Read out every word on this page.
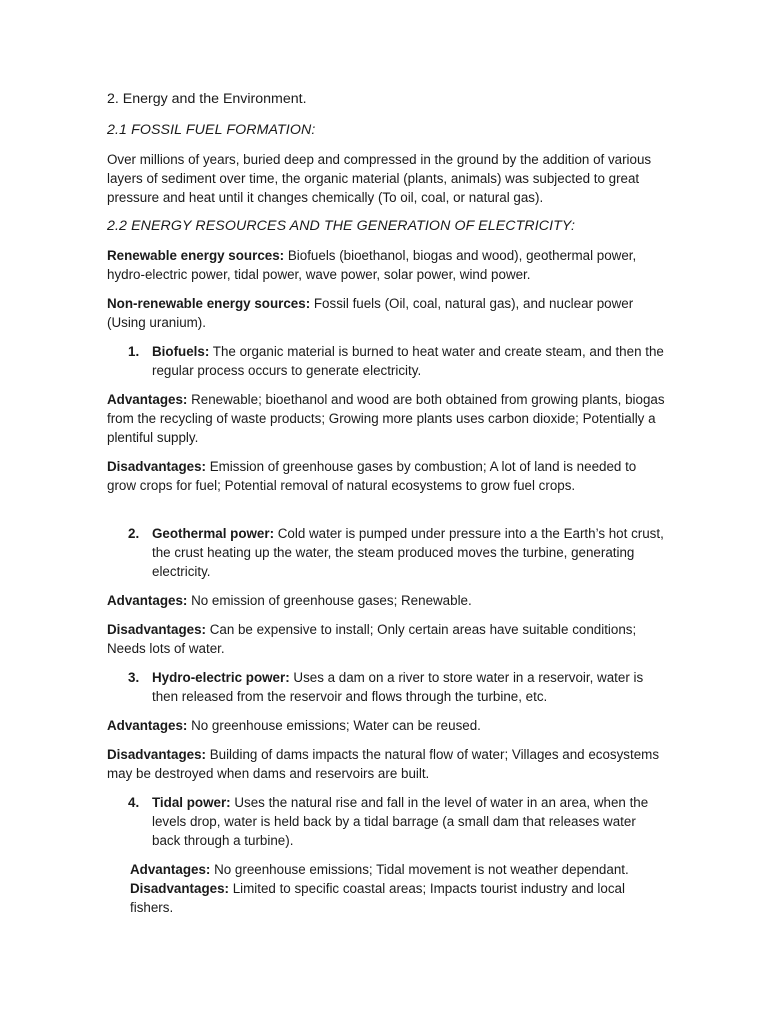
2. Energy and the Environment.
2.1 FOSSIL FUEL FORMATION:

Over millions of years, buried deep and compressed in the ground by the addition of various layers of sediment over time, the organic material (plants, animals) was subjected to great pressure and heat until it changes chemically (To oil, coal, or natural gas).

2.2 ENERGY RESOURCES AND THE GENERATION OF ELECTRICITY:

Renewable energy sources: Biofuels (bioethanol, biogas and wood), geothermal power, hydro-electric power, tidal power, wave power, solar power, wind power.

Non-renewable energy sources: Fossil fuels (Oil, coal, natural gas), and nuclear power (Using uranium).

1. Biofuels: The organic material is burned to heat water and create steam, and then the regular process occurs to generate electricity.

Advantages: Renewable; bioethanol and wood are both obtained from growing plants, biogas from the recycling of waste products; Growing more plants uses carbon dioxide; Potentially a plentiful supply.

Disadvantages: Emission of greenhouse gases by combustion; A lot of land is needed to grow crops for fuel; Potential removal of natural ecosystems to grow fuel crops.

2. Geothermal power: Cold water is pumped under pressure into a the Earth’s hot crust, the crust heating up the water, the steam produced moves the turbine, generating electricity.

Advantages: No emission of greenhouse gases; Renewable.

Disadvantages: Can be expensive to install; Only certain areas have suitable conditions; Needs lots of water.

3. Hydro-electric power: Uses a dam on a river to store water in a reservoir, water is then released from the reservoir and flows through the turbine, etc.

Advantages: No greenhouse emissions; Water can be reused.

Disadvantages: Building of dams impacts the natural flow of water; Villages and ecosystems may be destroyed when dams and reservoirs are built.

4. Tidal power: Uses the natural rise and fall in the level of water in an area, when the levels drop, water is held back by a tidal barrage (a small dam that releases water back through a turbine).

Advantages: No greenhouse emissions; Tidal movement is not weather dependant.

Disadvantages: Limited to specific coastal areas; Impacts tourist industry and local fishers.
